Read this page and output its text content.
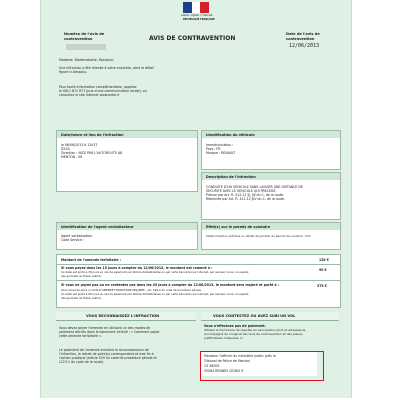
Liberté • Égalité • Fraternité
RÉPUBLIQUE FRANÇAISE
Numéro de l'avis de contravention	AVIS DE CONTRAVENTION
Date de l'avis de contravention
12/06/2013
Madame, Mademoiselle, Monsieur,
Une infraction a été relevée à votre encontre, dont le détail
figure ci-dessous.
Pour toute information complémentaire, appelez
le 0811 871 871 (prix d'une communication locale), ou
consultez le site Internet www.antai.fr
Date/heure et lieu de l'infraction
le 06/06/2013 à 12h37
D22A
Direction : NICE PAR L'AUTOROUTE A8
MENTON - 06
Identification du véhicule
Immatriculation :
Pays : FR
Marque : RENAULT
Description de l'infraction
CONDUITE D'UN VEHICULE SANS LAISSER UNE DISTANCE DE
SECURITE AVEC LE VEHICULE QUI PRECEDE.
Prévue par Art. R. 412-12 §I, §II du C. de la route.
Réprimée par Art. R. 412-12 §IV du C. de la route.
Identification de l'agent verbalisateur
Agent verbalisateur
Code Service :
Effet(s) sur le permis de conduire
Cette infraction entraîne un retrait de point(s) du permis de conduire : OUI
Montant de l'amende forfaitaire :	135 €
Si vous payez dans les 15 jours à compter du 12/06/2013, le montant est ramené à :
Ce délai est porté à 30 jours en cas de paiement par timbre dématérialisé ou par carte bancaire (sur Internet, par serveur vocal, ou auprès
des guichets du Trésor public).
90 €
Si vous ne payez pas ou ne contestez pas dans les 45 jours à compter du 12/06/2013, le montant sera majoré et porté à :
Vous recevrez alors un AVIS D'AMENDE FORFAITAIRE MAJORÉE - art. 529-2 du code de procédure pénale.
Ce délai est porté à 60 jours en cas de paiement par timbre dématérialisé ou par carte bancaire (sur Internet, par serveur vocal, ou auprès
des guichets du Trésor public).
375 €
VOUS RECONNAISSEZ L'INFRACTION
Vous devez payer l'amende en utilisant un des modes de
paiement décrits dans le document intitulé : « Comment payer
cette amende forfaitaire ».
Le paiement de l'amende entraîne la reconnaissance de
l'infraction, le retrait de point(s) correspondant et met fin à
l'action publique (article 529 du code de procédure pénale et
L223-1 du code de la route).
VOUS CONTESTEZ OU AVEZ SUBI UN VOL
Vous n'effectuez pas de paiement.
Utilisez le formulaire de requête en exonération joint et adressez-le,
accompagné de l'original de l'avis de contravention et des pièces
justificatives indiquées, à :
Monsieur l'officier du ministère public près le
Tribunal de Police de Menton
CS 36000
35084 RENNES CEDEX 9
